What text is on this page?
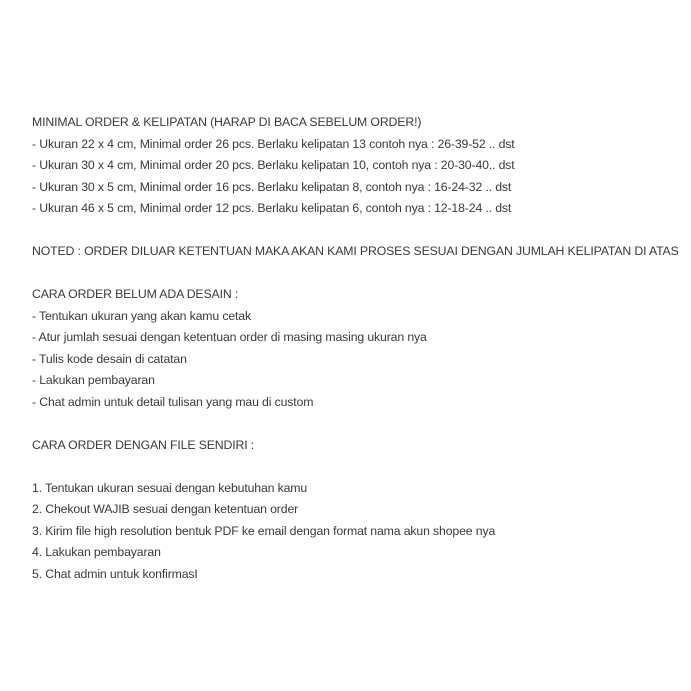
MINIMAL ORDER & KELIPATAN (HARAP DI BACA SEBELUM ORDER!)

- Ukuran 22 x 4 cm, Minimal order 26 pcs. Berlaku kelipatan 13 contoh nya : 26-39-52 .. dst

- Ukuran 30 x 4 cm, Minimal order 20 pcs. Berlaku kelipatan 10, contoh nya : 20-30-40.. dst

- Ukuran 30 x 5 cm, Minimal order 16 pcs. Berlaku kelipatan 8, contoh nya : 16-24-32 .. dst

- Ukuran 46 x 5 cm, Minimal order 12 pcs. Berlaku kelipatan 6, contoh nya : 12-18-24 .. dst

NOTED : ORDER DILUAR KETENTUAN MAKA AKAN KAMI PROSES SESUAI DENGAN JUMLAH KELIPATAN DI ATAS

CARA ORDER BELUM ADA DESAIN :

- Tentukan ukuran yang akan kamu cetak

- Atur jumlah sesuai dengan ketentuan order di masing masing ukuran nya

- Tulis kode desain di catatan

- Lakukan pembayaran

- Chat admin untuk detail tulisan yang mau di custom

CARA ORDER DENGAN FILE SENDIRI :

1. Tentukan ukuran sesuai dengan kebutuhan kamu

2. Chekout WAJIB sesuai dengan ketentuan order

3. Kirim file high resolution bentuk PDF ke email dengan format nama akun shopee nya

4. Lakukan pembayaran

5. Chat admin untuk konfirmasI
